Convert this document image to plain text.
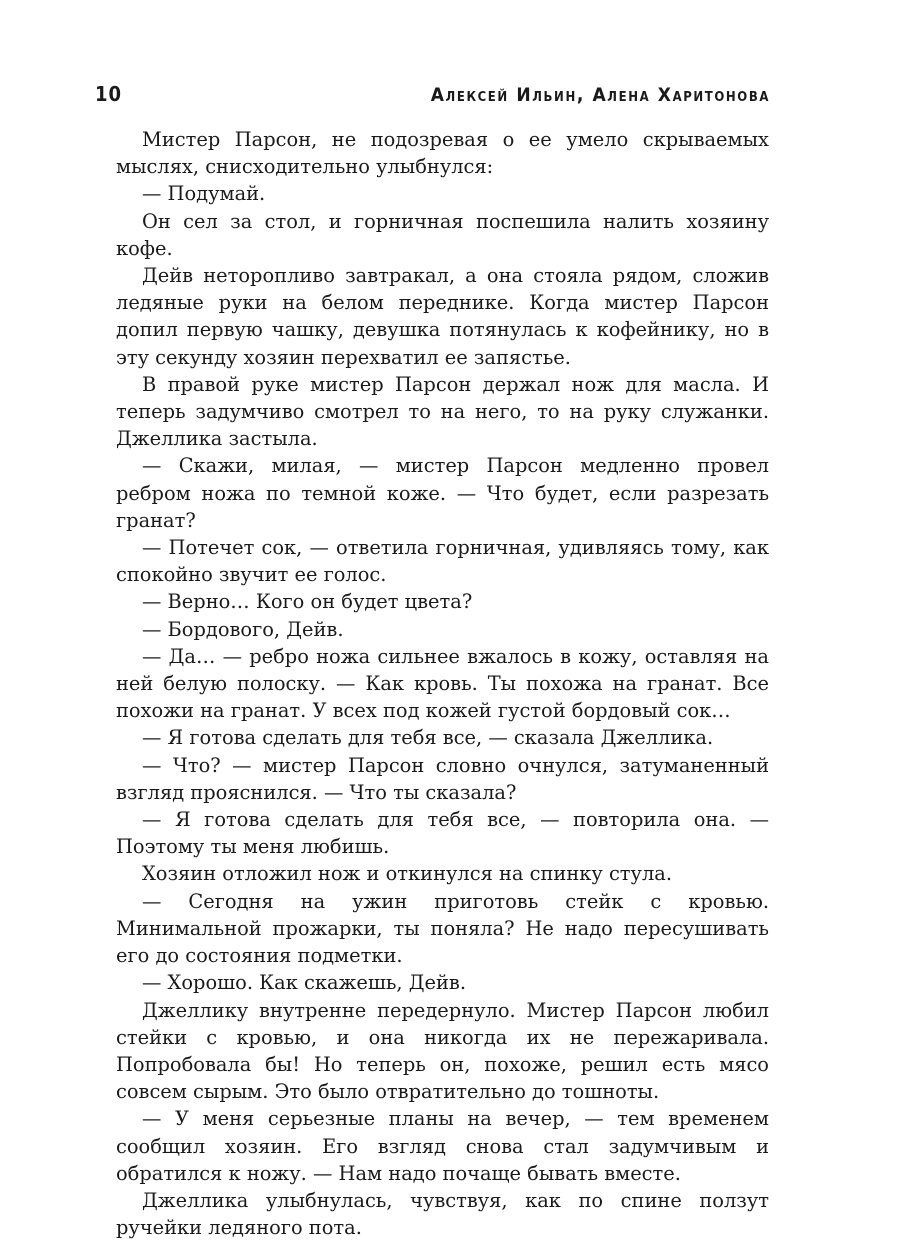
10	Алексей Ильин, Алена Харитонова

Мистер Парсон, не подозревая о ее умело скрываемых мыслях, снисходительно улыбнулся:

— Подумай.

Он сел за стол, и горничная поспешила налить хозяину кофе.

Дейв неторопливо завтракал, а она стояла рядом, сложив ледяные руки на белом переднике. Когда мистер Парсон допил первую чашку, девушка потянулась к кофейнику, но в эту секунду хозяин перехватил ее запястье.

В правой руке мистер Парсон держал нож для масла. И теперь задумчиво смотрел то на него, то на руку служанки. Джеллика застыла.

— Скажи, милая, — мистер Парсон медленно провел ребром ножа по темной коже. — Что будет, если разрезать гранат?

— Потечет сок, — ответила горничная, удивляясь тому, как спокойно звучит ее голос.

— Верно… Кого он будет цвета?

— Бордового, Дейв.

— Да… — ребро ножа сильнее вжалось в кожу, оставляя на ней белую полоску. — Как кровь. Ты похожа на гранат. Все похожи на гранат. У всех под кожей густой бордовый сок…

— Я готова сделать для тебя все, — сказала Джеллика.

— Что? — мистер Парсон словно очнулся, затуманенный взгляд прояснился. — Что ты сказала?

— Я готова сделать для тебя все, — повторила она. — Поэтому ты меня любишь.

Хозяин отложил нож и откинулся на спинку стула.

— Сегодня на ужин приготовь стейк с кровью. Минимальной прожарки, ты поняла? Не надо пересушивать его до состояния подметки.

— Хорошо. Как скажешь, Дейв.

Джеллику внутренне передернуло. Мистер Парсон любил стейки с кровью, и она никогда их не пережаривала. Попробовала бы! Но теперь он, похоже, решил есть мясо совсем сырым. Это было отвратительно до тошноты.

— У меня серьезные планы на вечер, — тем временем сообщил хозяин. Его взгляд снова стал задумчивым и обратился к ножу. — Нам надо почаще бывать вместе.

Джеллика улыбнулась, чувствуя, как по спине ползут ручейки ледяного пота.
